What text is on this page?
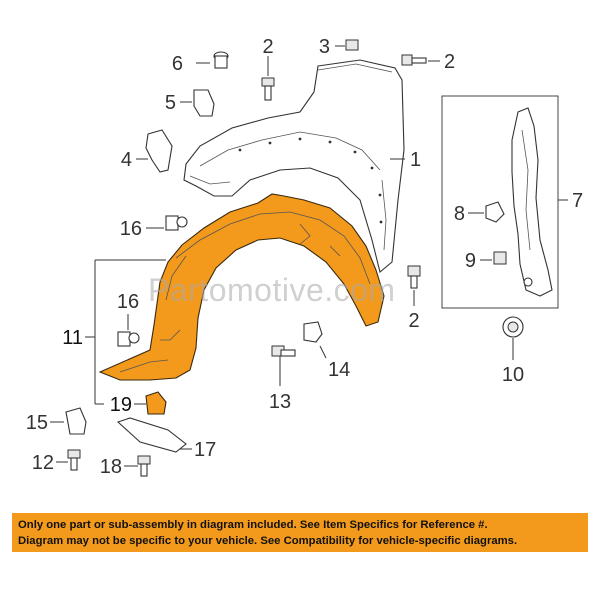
6
2 3
2
5
4	1
7
16
8
9
2
16
11
14	10
13
19
15
17
12 18
Partomotive.com

Only one part or sub-assembly in diagram included. See Item Specifics for Reference #.

Diagram may not be specific to your vehicle. See Compatibility for vehicle-specific diagrams.
